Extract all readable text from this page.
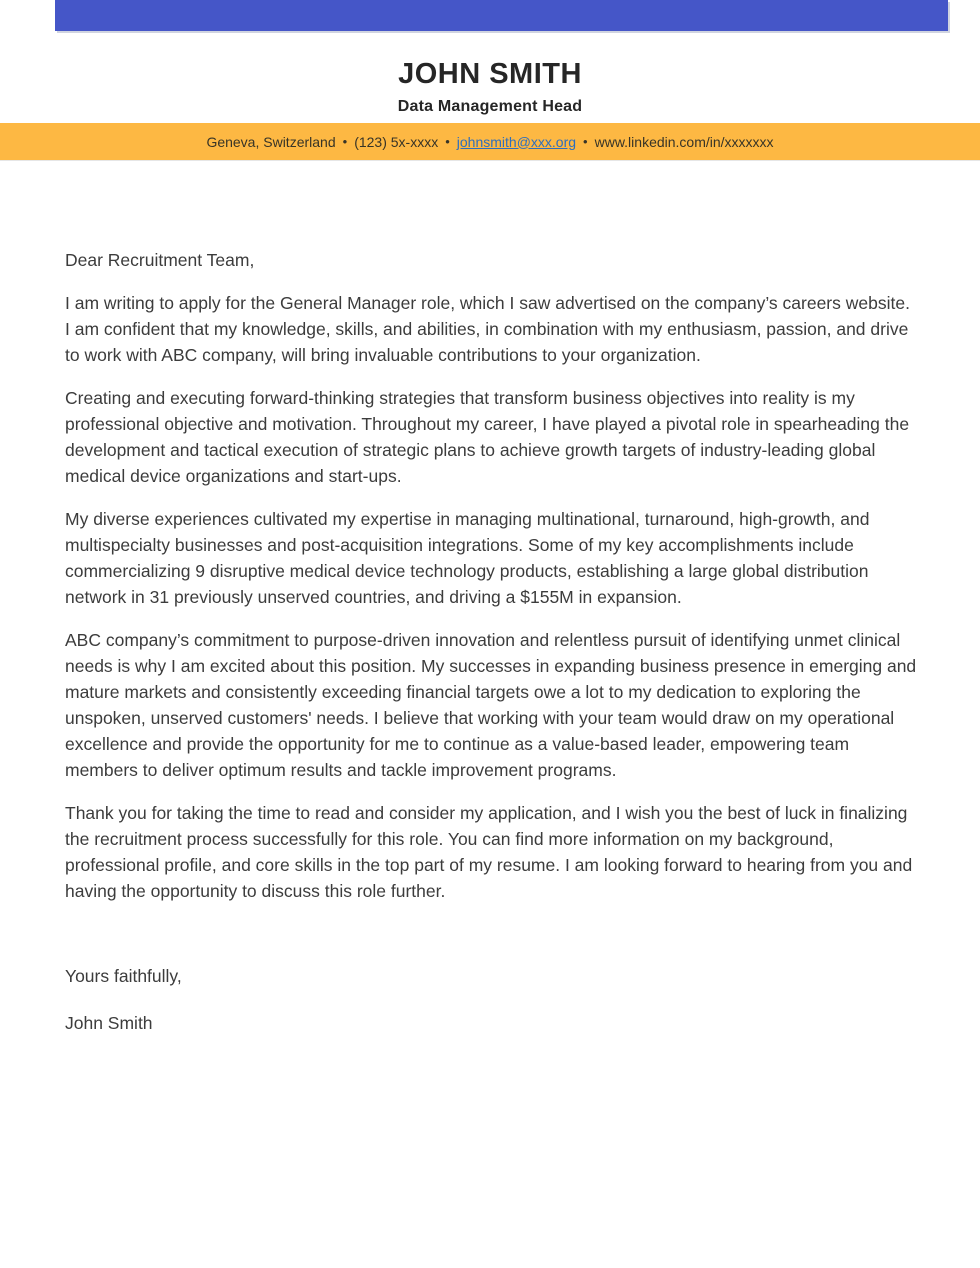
JOHN SMITH
Data Management Head
Geneva, Switzerland • (123) 5x-xxxx • johnsmith@xxx.org • www.linkedin.com/in/xxxxxxx

Dear Recruitment Team,

I am writing to apply for the General Manager role, which I saw advertised on the company’s careers website. I am confident that my knowledge, skills, and abilities, in combination with my enthusiasm, passion, and drive to work with ABC company, will bring invaluable contributions to your organization.

Creating and executing forward-thinking strategies that transform business objectives into reality is my professional objective and motivation. Throughout my career, I have played a pivotal role in spearheading the development and tactical execution of strategic plans to achieve growth targets of industry-leading global medical device organizations and start-ups.

My diverse experiences cultivated my expertise in managing multinational, turnaround, high-growth, and multispecialty businesses and post-acquisition integrations. Some of my key accomplishments include commercializing 9 disruptive medical device technology products, establishing a large global distribution network in 31 previously unserved countries, and driving a $155M in expansion.

ABC company’s commitment to purpose-driven innovation and relentless pursuit of identifying unmet clinical needs is why I am excited about this position. My successes in expanding business presence in emerging and mature markets and consistently exceeding financial targets owe a lot to my dedication to exploring the unspoken, unserved customers' needs. I believe that working with your team would draw on my operational excellence and provide the opportunity for me to continue as a value-based leader, empowering team members to deliver optimum results and tackle improvement programs.

Thank you for taking the time to read and consider my application, and I wish you the best of luck in finalizing the recruitment process successfully for this role. You can find more information on my background, professional profile, and core skills in the top part of my resume. I am looking forward to hearing from you and having the opportunity to discuss this role further.

Yours faithfully,

John Smith
